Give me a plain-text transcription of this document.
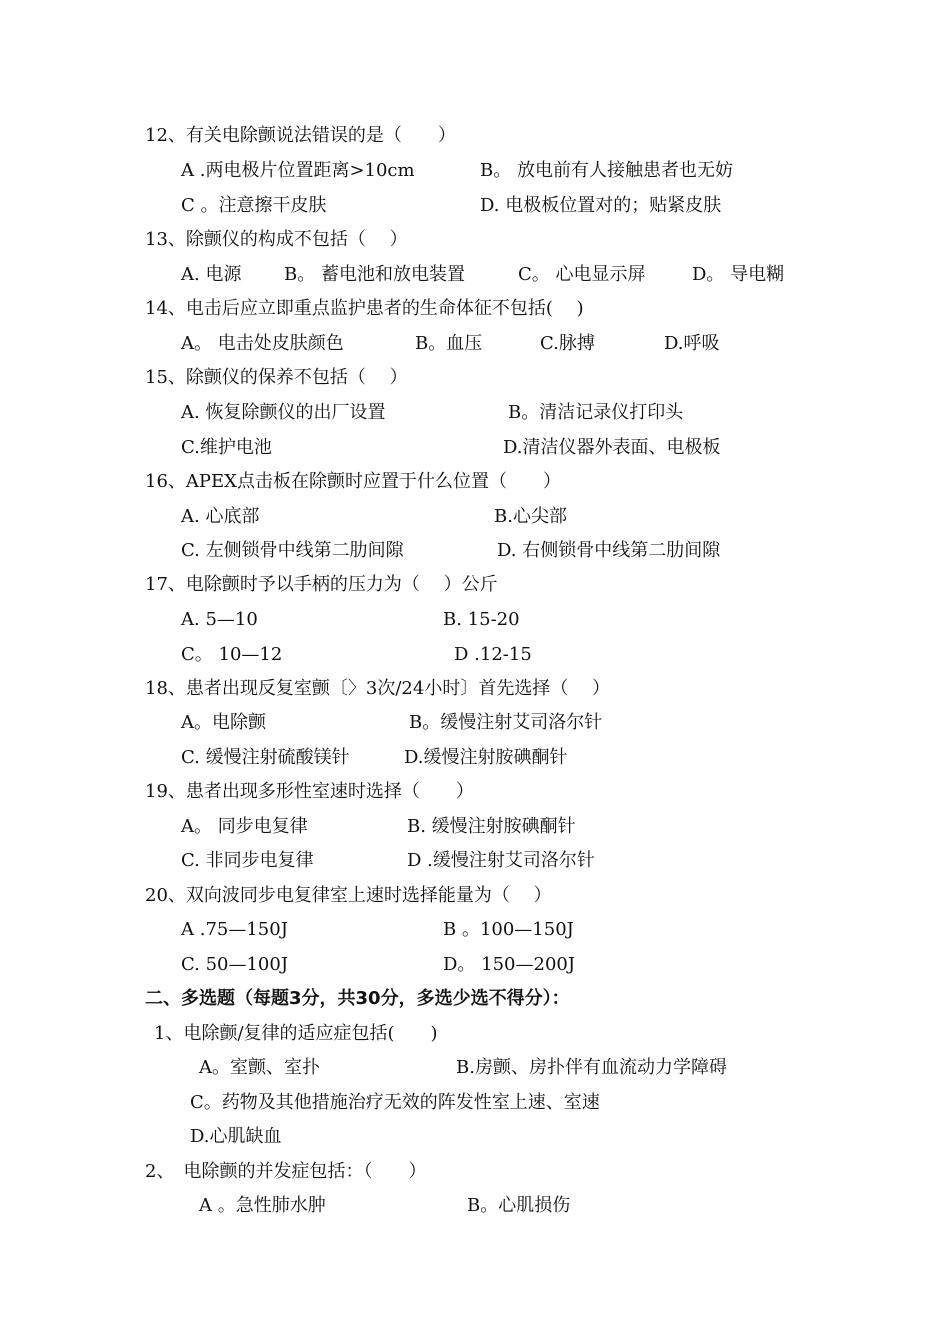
12、有关电除颤说法错误的是（　　）
A .两电极片位置距离>10cm	B。 放电前有人接触患者也无妨
C 。注意擦干皮肤	D. 电极板位置对的；贴紧皮肤
13、除颤仪的构成不包括（　 ）
A. 电源 B。 蓄电池和放电装置	C。 心电显示屏	D。 导电糊
14、电击后应立即重点监护患者的生命体征不包括(　 )
A。 电击处皮肤颜色	B。血压	C.脉搏	D.呼吸
15、除颤仪的保养不包括（　 ）
A. 恢复除颤仪的出厂设置	B。清洁记录仪打印头
C.维护电池	D.清洁仪器外表面、电极板
16、APEX点击板在除颤时应置于什么位置（　　）
A. 心底部	B.心尖部
C. 左侧锁骨中线第二肋间隙	D. 右侧锁骨中线第二肋间隙
17、电除颤时予以手柄的压力为（　 ）公斤
A. 5—10	B. 15-20
C。 10—12	D .12-15
18、患者出现反复室颤〔〉3次/24小时〕首先选择（　 ）
A。电除颤	B。缓慢注射艾司洛尔针
C. 缓慢注射硫酸镁针	D.缓慢注射胺碘酮针
19、患者出现多形性室速时选择（　　）
A。 同步电复律	B. 缓慢注射胺碘酮针
C. 非同步电复律	D .缓慢注射艾司洛尔针
20、双向波同步电复律室上速时选择能量为（　 ）
A .75—150J	B 。100—150J
C. 50—100J	D。 150—200J
二、多选题（每题3分，共30分，多选少选不得分）：
1、电除颤/复律的适应症包括(　　)
A。室颤、室扑	B.房颤、房扑伴有血流动力学障碍
C。药物及其他措施治疗无效的阵发性室上速、室速
D.心肌缺血
2、　电除颤的并发症包括：（　　）
A 。急性肺水肿	B。心肌损伤
